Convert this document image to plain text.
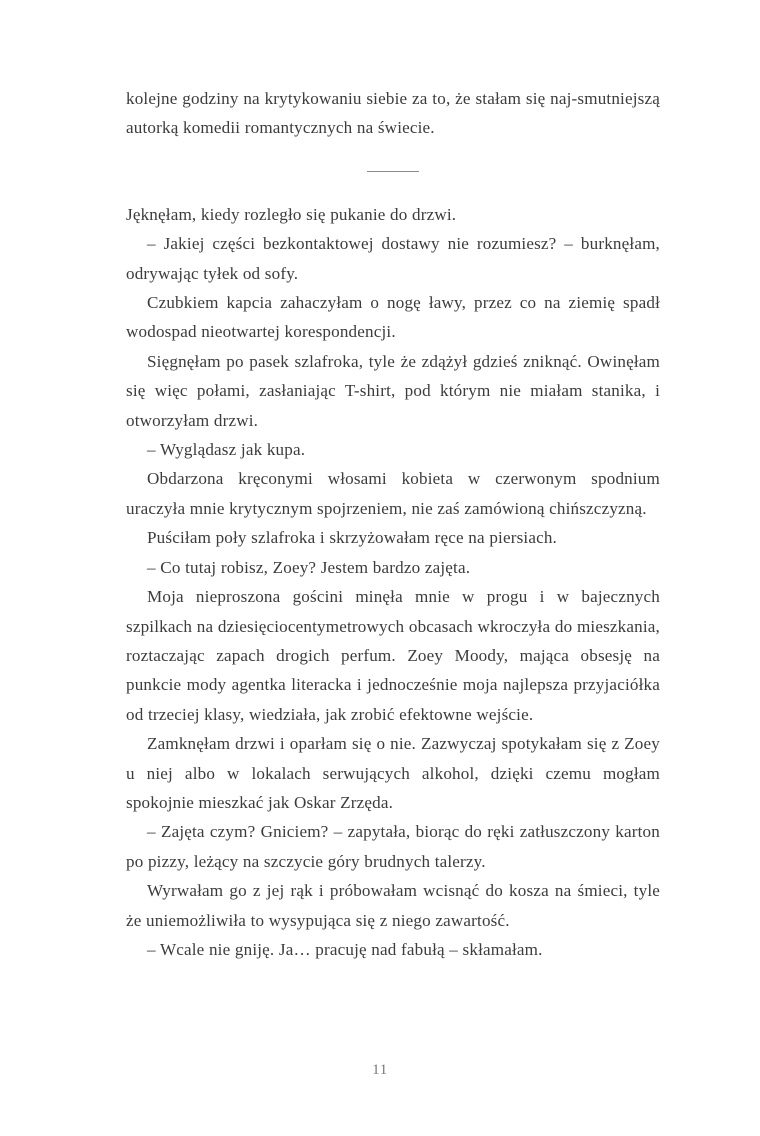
kolejne godziny na krytykowaniu siebie za to, że stałam się naj-smutniejszą autorką komedii romantycznych na świecie.

Jęknęłam, kiedy rozległo się pukanie do drzwi.

– Jakiej części bezkontaktowej dostawy nie rozumiesz? – burknęłam, odrywając tyłek od sofy.

Czubkiem kapcia zahaczyłam o nogę ławy, przez co na ziemię spadł wodospad nieotwartej korespondencji.

Sięgnęłam po pasek szlafroka, tyle że zdążył gdzieś zniknąć. Owinęłam się więc połami, zasłaniając T-shirt, pod którym nie miałam stanika, i otworzyłam drzwi.

– Wyglądasz jak kupa.

Obdarzona kręconymi włosami kobieta w czerwonym spodnium uraczyła mnie krytycznym spojrzeniem, nie zaś zamówioną chińszczyzną.

Puściłam poły szlafroka i skrzyżowałam ręce na piersiach.

– Co tutaj robisz, Zoey? Jestem bardzo zajęta.

Moja nieproszona gościni minęła mnie w progu i w bajecznych szpilkach na dziesięciocentymetrowych obcasach wkroczyła do mieszkania, roztaczając zapach drogich perfum. Zoey Moody, mająca obsesję na punkcie mody agentka literacka i jednocześnie moja najlepsza przyjaciółka od trzeciej klasy, wiedziała, jak zrobić efektowne wejście.

Zamknęłam drzwi i oparłam się o nie. Zazwyczaj spotykałam się z Zoey u niej albo w lokalach serwujących alkohol, dzięki czemu mogłam spokojnie mieszkać jak Oskar Zrzęda.

– Zajęta czym? Gniciem? – zapytała, biorąc do ręki zatłuszczony karton po pizzy, leżący na szczycie góry brudnych talerzy.

Wyrwałam go z jej rąk i próbowałam wcisnąć do kosza na śmieci, tyle że uniemożliwiła to wysypująca się z niego zawartość.

– Wcale nie gniję. Ja… pracuję nad fabułą – skłamałam.

11
